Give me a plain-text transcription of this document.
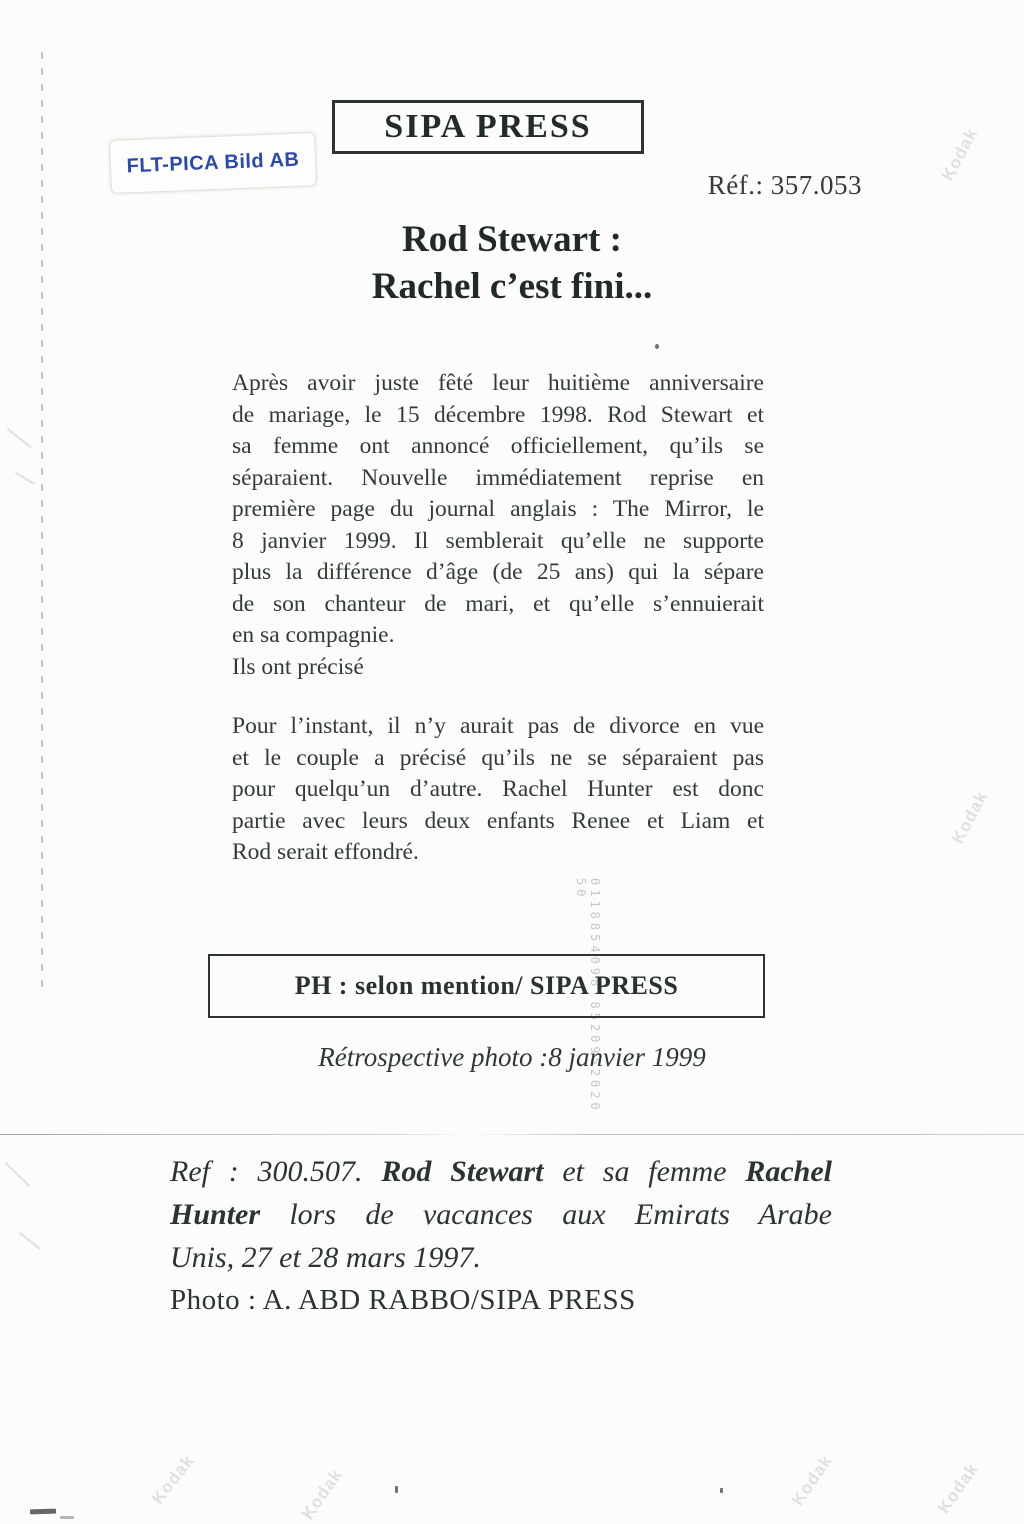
Kodak
Kodak
Kodak	Kodak	Kodak	Kodak
0118854098 8520952020 50
SIPA PRESS
FLT-PICA Bild AB
Réf.: 357.053
Rod Stewart :
Rachel c’est fini...
Après avoir juste fêté leur huitième anniversaire
de mariage, le 15 décembre 1998. Rod Stewart et
sa femme ont annoncé officiellement, qu’ils se
séparaient. Nouvelle immédiatement reprise en
première page du journal anglais : The Mirror, le
8 janvier 1999. Il semblerait qu’elle ne supporte
plus la différence d’âge (de 25 ans) qui la sépare
de son chanteur de mari, et qu’elle s’ennuierait
en sa compagnie.
Ils ont précisé
Pour l’instant, il n’y aurait pas de divorce en vue
et le couple a précisé qu’ils ne se séparaient pas
pour quelqu’un d’autre. Rachel Hunter est donc
partie avec leurs deux enfants Renee et Liam et
Rod serait effondré.
PH : selon mention/ SIPA PRESS
Rétrospective photo :8 janvier 1999
Ref : 300.507. Rod Stewart et sa femme Rachel
Hunter lors de vacances aux Emirats Arabe
Unis, 27 et 28 mars 1997.
Photo : A. ABD RABBO/SIPA PRESS
